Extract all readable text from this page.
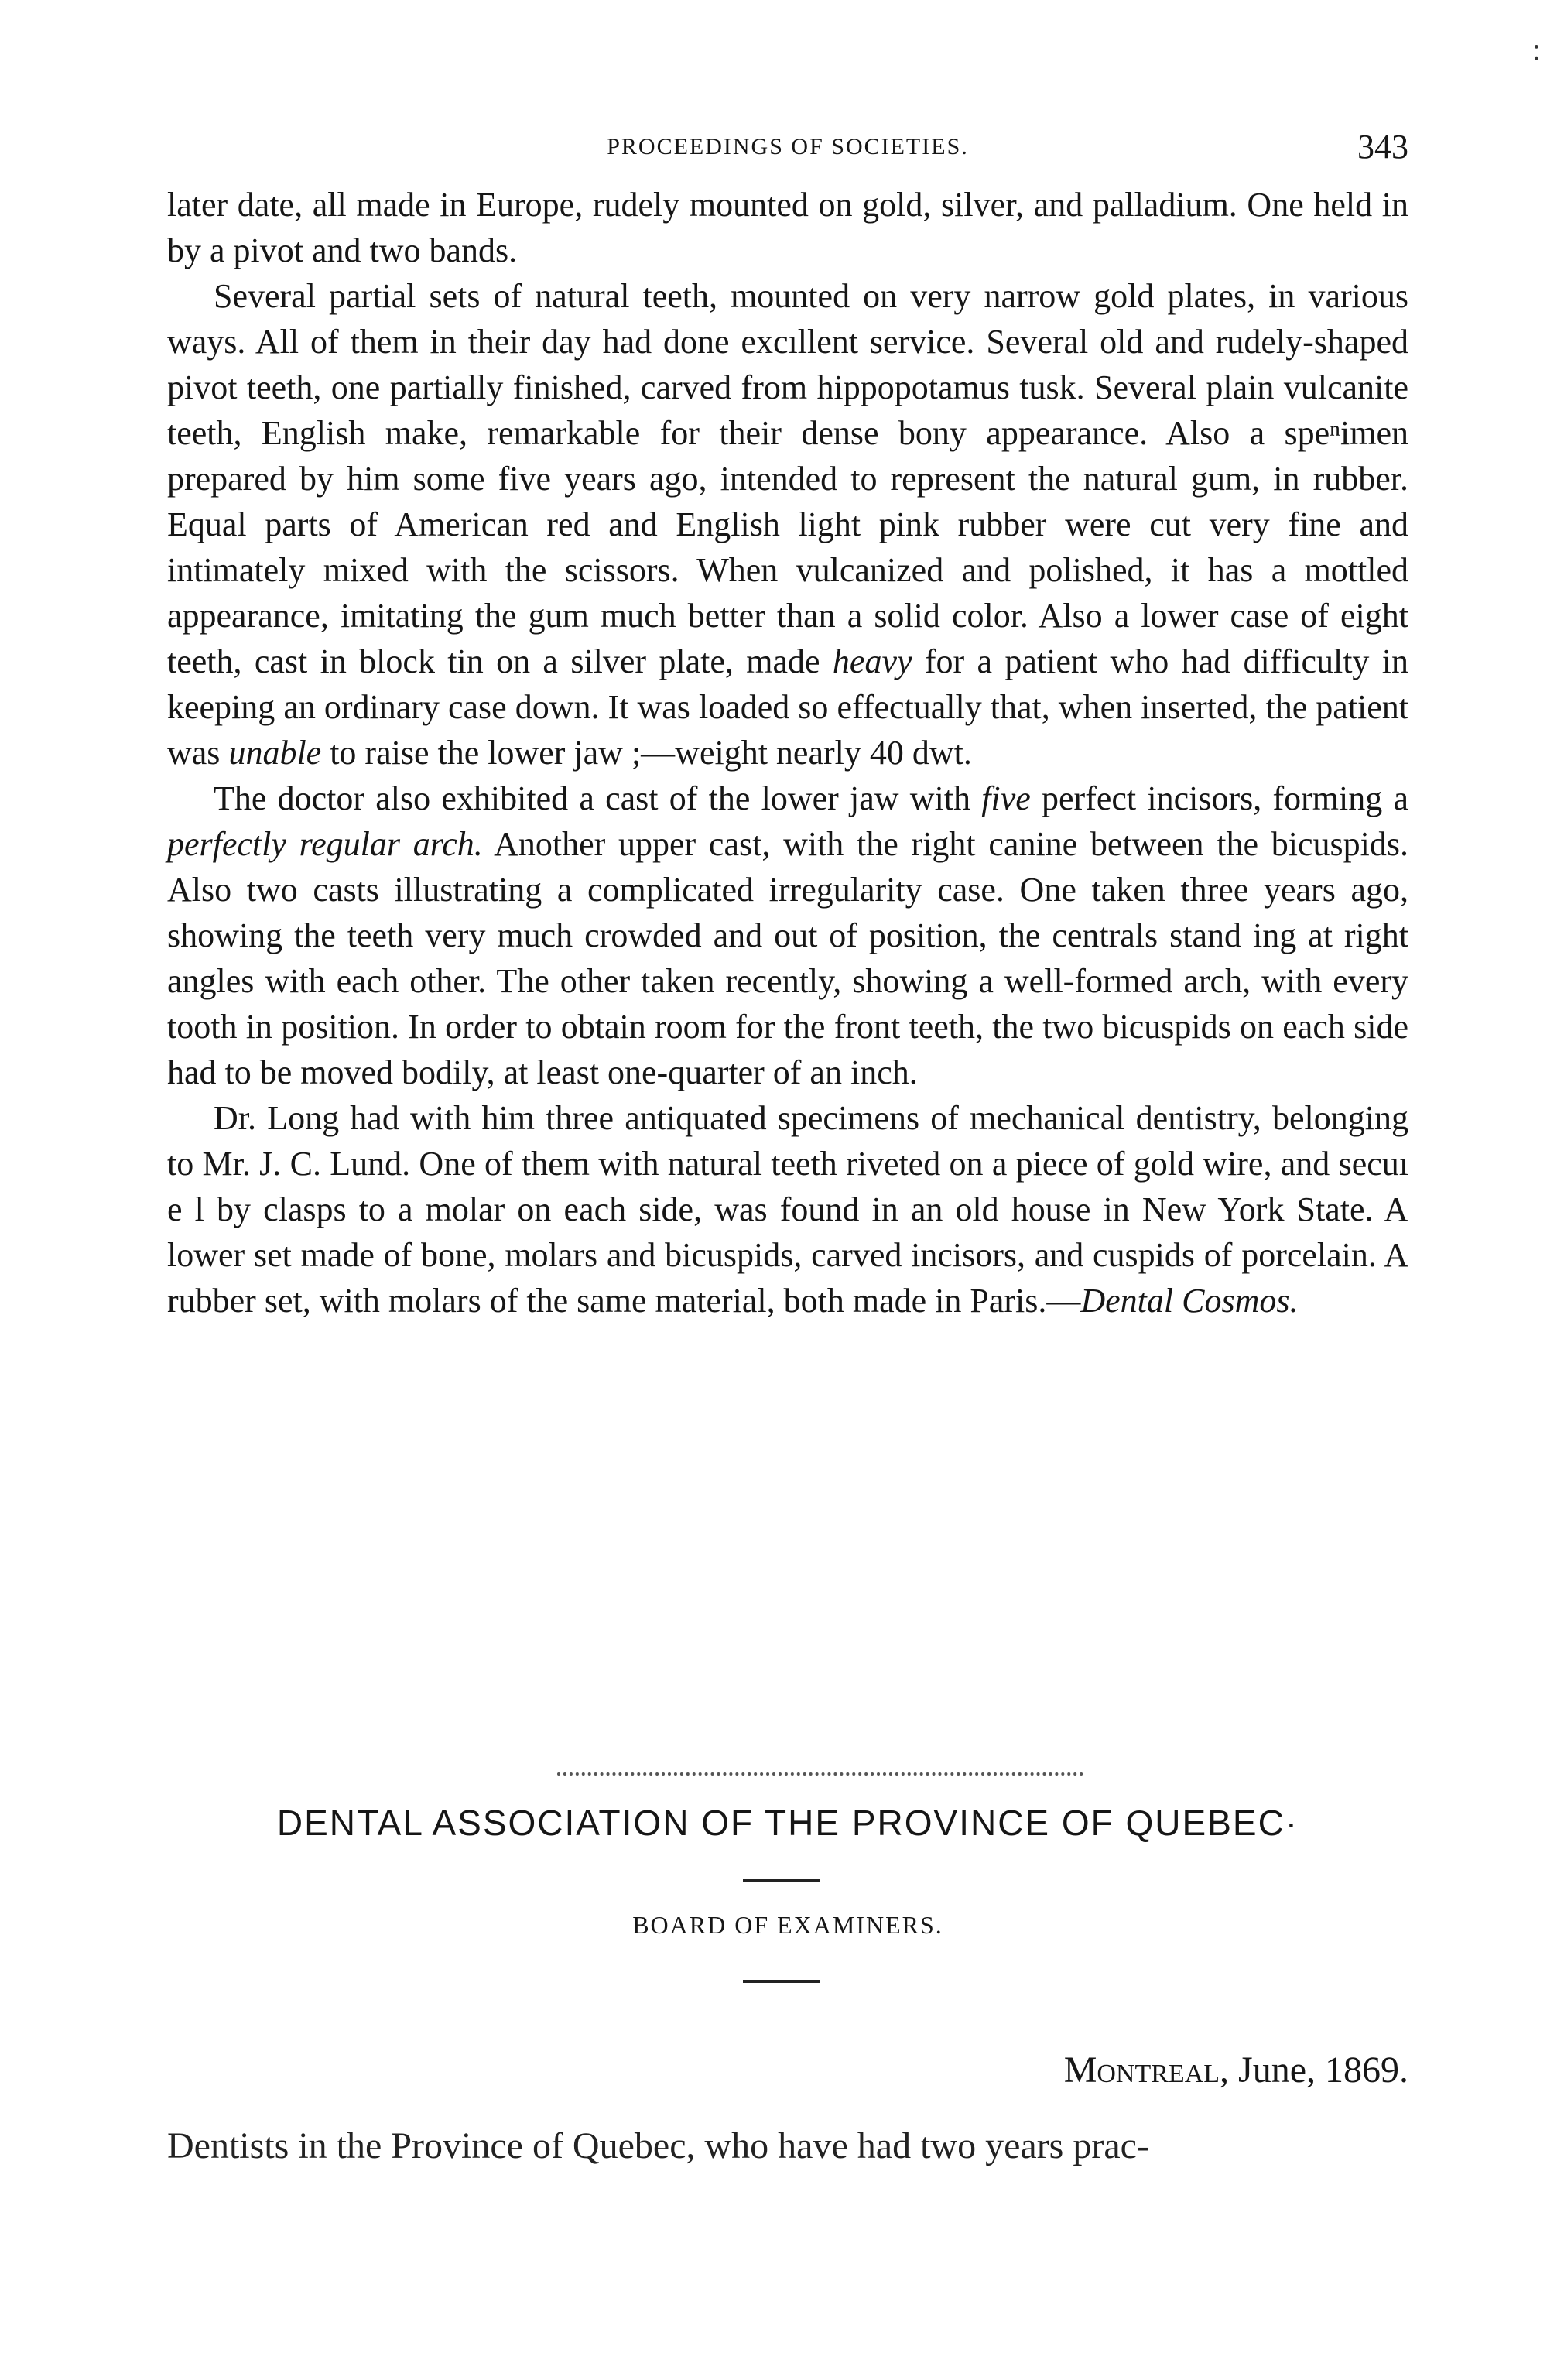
:
PROCEEDINGS OF SOCIETIES.	343

later date, all made in Europe, rudely mounted on gold, silver, and palladium. One held in by a pivot and two bands.

Several partial sets of natural teeth, mounted on very narrow gold plates, in various ways. All of them in their day had done excıllent service. Several old and rudely-shaped pivot teeth, one partially finished, carved from hippopotamus tusk. Several plain vulcanite teeth, English make, remarkable for their dense bony appearance. Also a speⁿimen prepared by him some five years ago, intended to represent the natural gum, in rubber. Equal parts of American red and English light pink rubber were cut very fine and intimately mixed with the scissors. When vulcanized and polished, it has a mottled appearance, imitating the gum much better than a solid color. Also a lower case of eight teeth, cast in block tin on a silver plate, made heavy for a patient who had difficulty in keeping an ordinary case down. It was loaded so effectually that, when inserted, the patient was unable to raise the lower jaw ;—weight nearly 40 dwt.

The doctor also exhibited a cast of the lower jaw with five perfect incisors, forming a perfectly regular arch. Another upper cast, with the right canine between the bicuspids. Also two casts illustrating a complicated irregularity case. One taken three years ago, showing the teeth very much crowded and out of position, the centrals stand ing at right angles with each other. The other taken recently, showing a well-formed arch, with every tooth in position. In order to obtain room for the front teeth, the two bicuspids on each side had to be moved bodily, at least one-quarter of an inch.

Dr. Long had with him three antiquated specimens of mechanical dentistry, belonging to Mr. J. C. Lund. One of them with natural teeth riveted on a piece of gold wire, and secuı e l by clasps to a molar on each side, was found in an old house in New York State. A lower set made of bone, molars and bicuspids, carved incisors, and cuspids of porcelain. A rubber set, with molars of the same material, both made in Paris.—Dental Cosmos.

DENTAL ASSOCIATION OF THE PROVINCE OF QUEBEC·
BOARD OF EXAMINERS.
Montreal, June, 1869.
Dentists in the Province of Quebec, who have had two years prac-
